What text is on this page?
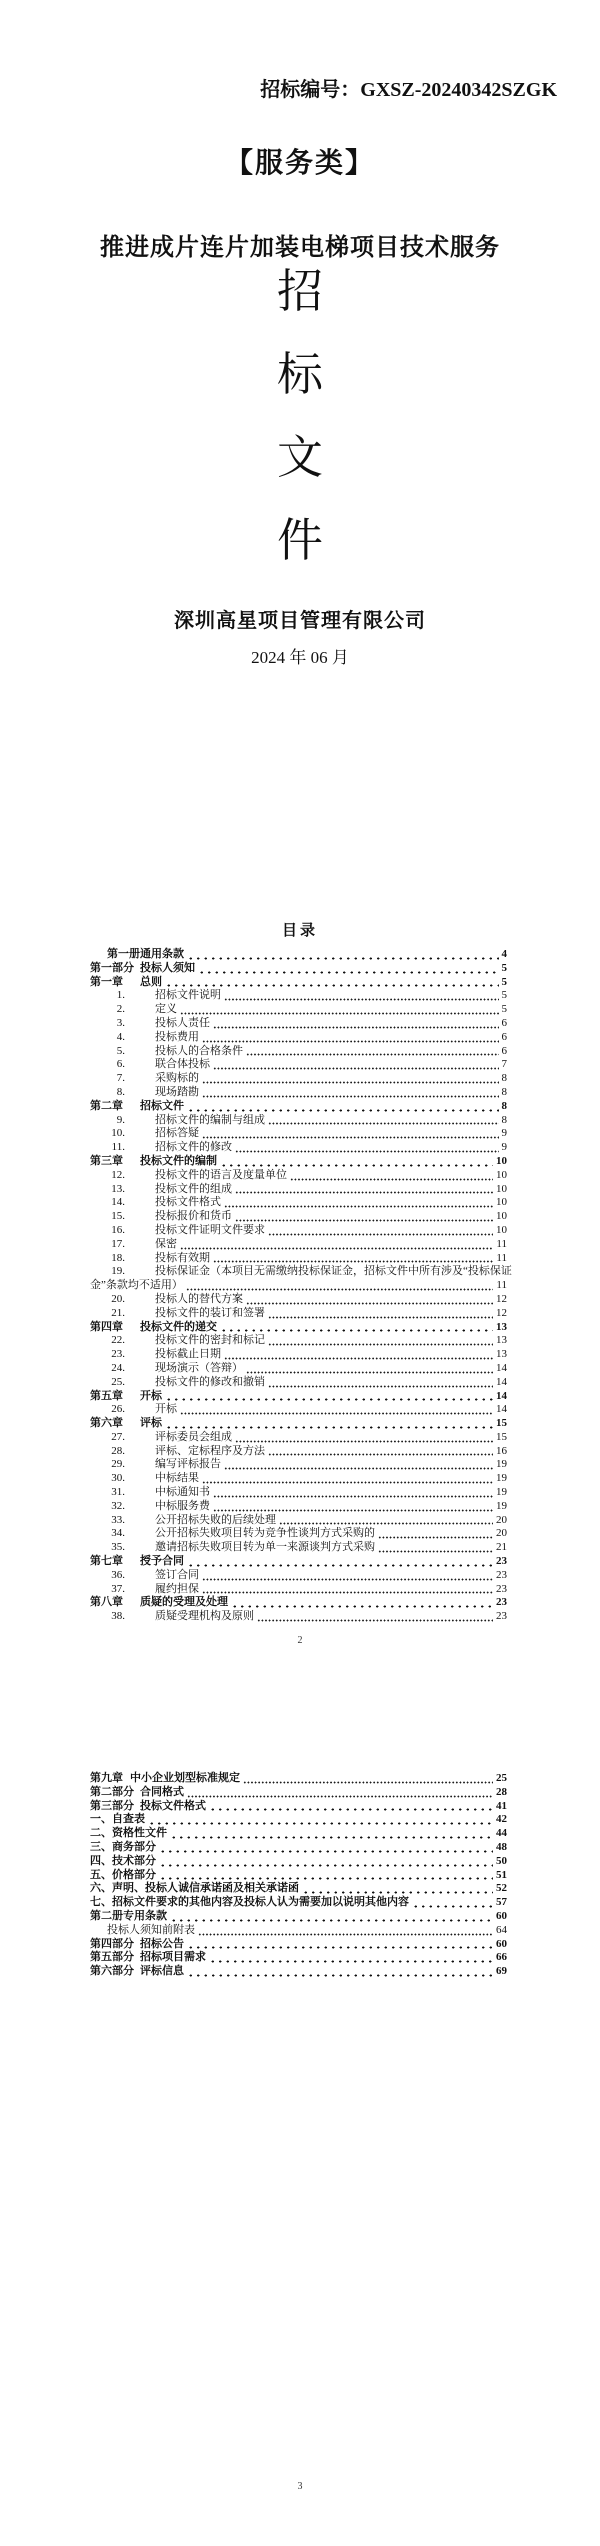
招标编号：GXSZ-20240342SZGK
【服务类】
推进成片连片加装电梯项目技术服务
招
标
文
件
深圳高星项目管理有限公司
2024 年 06 月
目录
第一册通用条款	4
第一部分 投标人须知	5
第一章	总则	5
1.	招标文件说明	5
2.	定义	5
3.	投标人责任	6
4.	投标费用	6
5.	投标人的合格条件	6
6.	联合体投标	7
7.	采购标的	8
8.	现场踏勘	8
第二章	招标文件	8
9.	招标文件的编制与组成	8
10.	招标答疑	9
11.	招标文件的修改	9
第三章	投标文件的编制	10
12.	投标文件的语言及度量单位	10
13.	投标文件的组成	10
14.	投标文件格式	10
15.	投标报价和货币	10
16.	投标文件证明文件要求	10
17.	保密	11
18.	投标有效期	11
19.	投标保证金（本项目无需缴纳投标保证金，招标文件中所有涉及“投标保证
金”条款均不适用）	11
20.	投标人的替代方案	12
21.	投标文件的装订和签署	12
第四章	投标文件的递交	13
22.	投标文件的密封和标记	13
23.	投标截止日期	13
24.	现场演示（答辩）	14
25.	投标文件的修改和撤销	14
第五章	开标	14
26.	开标	14
第六章	评标	15
27.	评标委员会组成	15
28.	评标、定标程序及方法	16
29.	编写评标报告	19
30.	中标结果	19
31.	中标通知书	19
32.	中标服务费	19
33.	公开招标失败的后续处理	20
34.	公开招标失败项目转为竞争性谈判方式采购的	20
35.	邀请招标失败项目转为单一来源谈判方式采购	21
第七章	授予合同	23
36.	签订合同	23
37.	履约担保	23
第八章	质疑的受理及处理	23
38.	质疑受理机构及原则	23
2
第九章 中小企业划型标准规定	25
第二部分 合同格式	28
第三部分 投标文件格式	41
一、自查表	42
二、资格性文件	44
三、商务部分	48
四、技术部分	50
五、价格部分	51
六、声明、投标人诚信承诺函及相关承诺函	52
七、招标文件要求的其他内容及投标人认为需要加以说明其他内容	57
第二册专用条款	60
投标人须知前附表	64
第四部分 招标公告	60
第五部分 招标项目需求	66
第六部分 评标信息	69
3
